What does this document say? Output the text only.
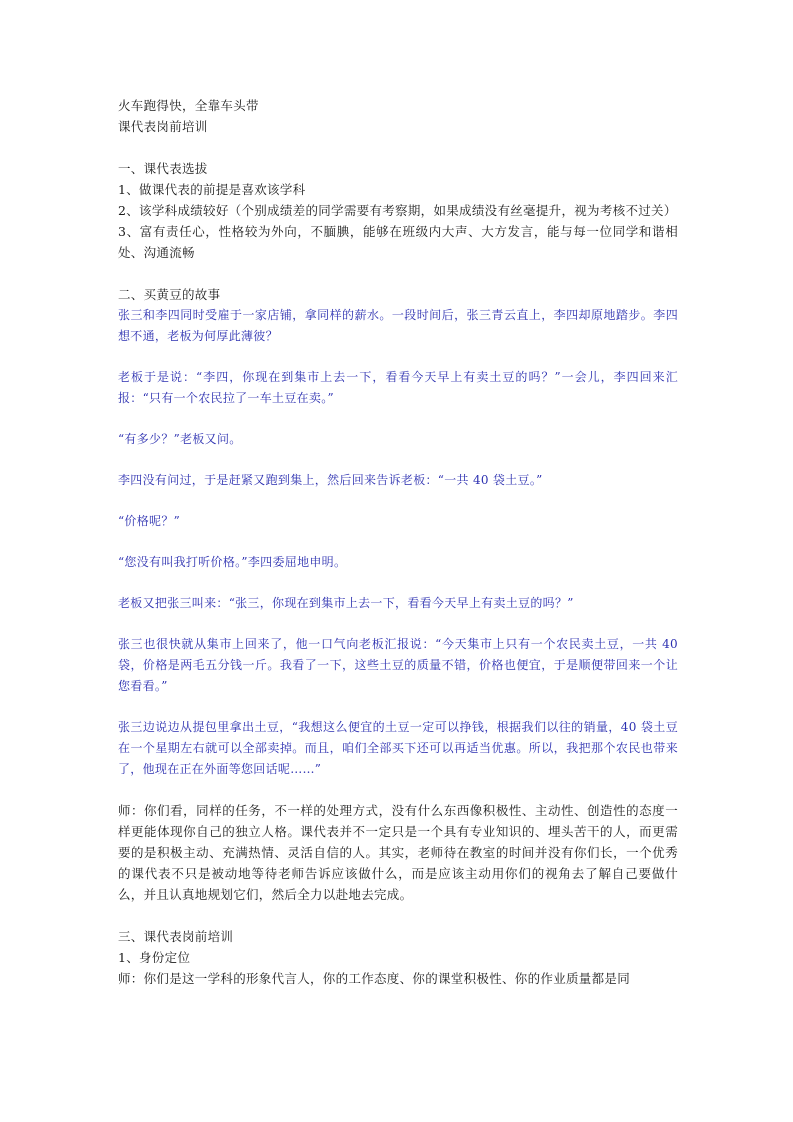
火车跑得快，全靠车头带
课代表岗前培训
一、课代表选拔
1、做课代表的前提是喜欢该学科
2、该学科成绩较好（个别成绩差的同学需要有考察期，如果成绩没有丝毫提升，视为考核不过关）
3、富有责任心，性格较为外向，不腼腆，能够在班级内大声、大方发言，能与每一位同学和谐相处、沟通流畅
二、买黄豆的故事
张三和李四同时受雇于一家店铺，拿同样的薪水。一段时间后，张三青云直上，李四却原地踏步。李四想不通，老板为何厚此薄彼？
老板于是说：“李四，你现在到集市上去一下，看看今天早上有卖土豆的吗？”一会儿，李四回来汇报：“只有一个农民拉了一车土豆在卖。”
“有多少？”老板又问。
李四没有问过，于是赶紧又跑到集上，然后回来告诉老板：“一共 40 袋土豆。”
“价格呢？”
“您没有叫我打听价格。”李四委屈地申明。
老板又把张三叫来：“张三，你现在到集市上去一下，看看今天早上有卖土豆的吗？”
张三也很快就从集市上回来了，他一口气向老板汇报说：“今天集市上只有一个农民卖土豆，一共 40 袋，价格是两毛五分钱一斤。我看了一下，这些土豆的质量不错，价格也便宜，于是顺便带回来一个让您看看。”
张三边说边从提包里拿出土豆，“我想这么便宜的土豆一定可以挣钱，根据我们以往的销量，40 袋土豆在一个星期左右就可以全部卖掉。而且，咱们全部买下还可以再适当优惠。所以，我把那个农民也带来了，他现在正在外面等您回话呢……”
师：你们看，同样的任务，不一样的处理方式，没有什么东西像积极性、主动性、创造性的态度一样更能体现你自己的独立人格。课代表并不一定只是一个具有专业知识的、埋头苦干的人，而更需要的是积极主动、充满热情、灵活自信的人。其实，老师待在教室的时间并没有你们长，一个优秀的课代表不只是被动地等待老师告诉应该做什么，而是应该主动用你们的视角去了解自己要做什么，并且认真地规划它们，然后全力以赴地去完成。
三、课代表岗前培训
1、身份定位
师：你们是这一学科的形象代言人，你的工作态度、你的课堂积极性、你的作业质量都是同
